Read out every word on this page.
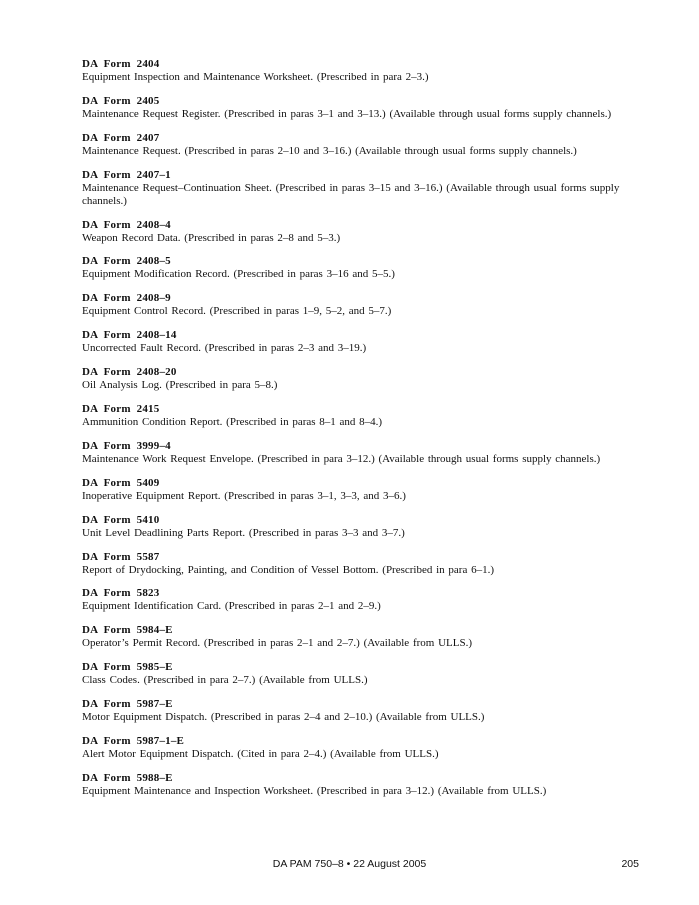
DA Form 2404
Equipment Inspection and Maintenance Worksheet. (Prescribed in para 2–3.)
DA Form 2405
Maintenance Request Register. (Prescribed in paras 3–1 and 3–13.) (Available through usual forms supply channels.)
DA Form 2407
Maintenance Request. (Prescribed in paras 2–10 and 3–16.) (Available through usual forms supply channels.)
DA Form 2407–1
Maintenance Request–Continuation Sheet. (Prescribed in paras 3–15 and 3–16.) (Available through usual forms supply channels.)
DA Form 2408–4
Weapon Record Data. (Prescribed in paras 2–8 and 5–3.)
DA Form 2408–5
Equipment Modification Record. (Prescribed in paras 3–16 and 5–5.)
DA Form 2408–9
Equipment Control Record. (Prescribed in paras 1–9, 5–2, and 5–7.)
DA Form 2408–14
Uncorrected Fault Record. (Prescribed in paras 2–3 and 3–19.)
DA Form 2408–20
Oil Analysis Log. (Prescribed in para 5–8.)
DA Form 2415
Ammunition Condition Report. (Prescribed in paras 8–1 and 8–4.)
DA Form 3999–4
Maintenance Work Request Envelope. (Prescribed in para 3–12.) (Available through usual forms supply channels.)
DA Form 5409
Inoperative Equipment Report. (Prescribed in paras 3–1, 3–3, and 3–6.)
DA Form 5410
Unit Level Deadlining Parts Report. (Prescribed in paras 3–3 and 3–7.)
DA Form 5587
Report of Drydocking, Painting, and Condition of Vessel Bottom. (Prescribed in para 6–1.)
DA Form 5823
Equipment Identification Card. (Prescribed in paras 2–1 and 2–9.)
DA Form 5984–E
Operator’s Permit Record. (Prescribed in paras 2–1 and 2–7.) (Available from ULLS.)
DA Form 5985–E
Class Codes. (Prescribed in para 2–7.) (Available from ULLS.)
DA Form 5987–E
Motor Equipment Dispatch. (Prescribed in paras 2–4 and 2–10.) (Available from ULLS.)
DA Form 5987–1–E
Alert Motor Equipment Dispatch. (Cited in para 2–4.) (Available from ULLS.)
DA Form 5988–E
Equipment Maintenance and Inspection Worksheet. (Prescribed in para 3–12.) (Available from ULLS.)
DA PAM 750–8 • 22 August 2005	205
